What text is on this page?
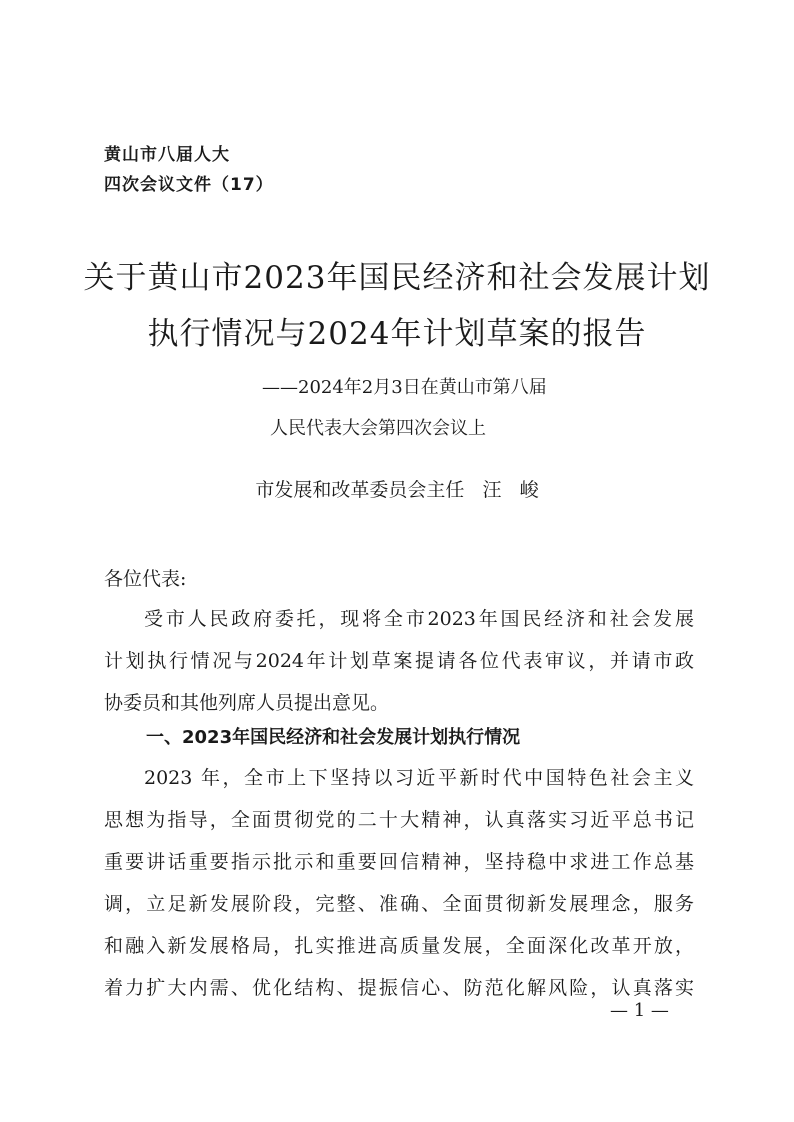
黄山市八届人大
四次会议文件（17）
关于黄山市2023年国民经济和社会发展计划
执行情况与2024年计划草案的报告
——2024年2月3日在黄山市第八届
人民代表大会第四次会议上
市发展和改革委员会主任   汪   峻
各位代表:
受市人民政府委托，现将全市2023年国民经济和社会发展
计划执行情况与2024年计划草案提请各位代表审议，并请市政
协委员和其他列席人员提出意见。
一、2023年国民经济和社会发展计划执行情况
2023 年，全市上下坚持以习近平新时代中国特色社会主义
思想为指导，全面贯彻党的二十大精神，认真落实习近平总书记
重要讲话重要指示批示和重要回信精神，坚持稳中求进工作总基
调，立足新发展阶段，完整、准确、全面贯彻新发展理念，服务
和融入新发展格局，扎实推进高质量发展，全面深化改革开放，
着力扩大内需、优化结构、提振信心、防范化解风险，认真落实
— 1 —
